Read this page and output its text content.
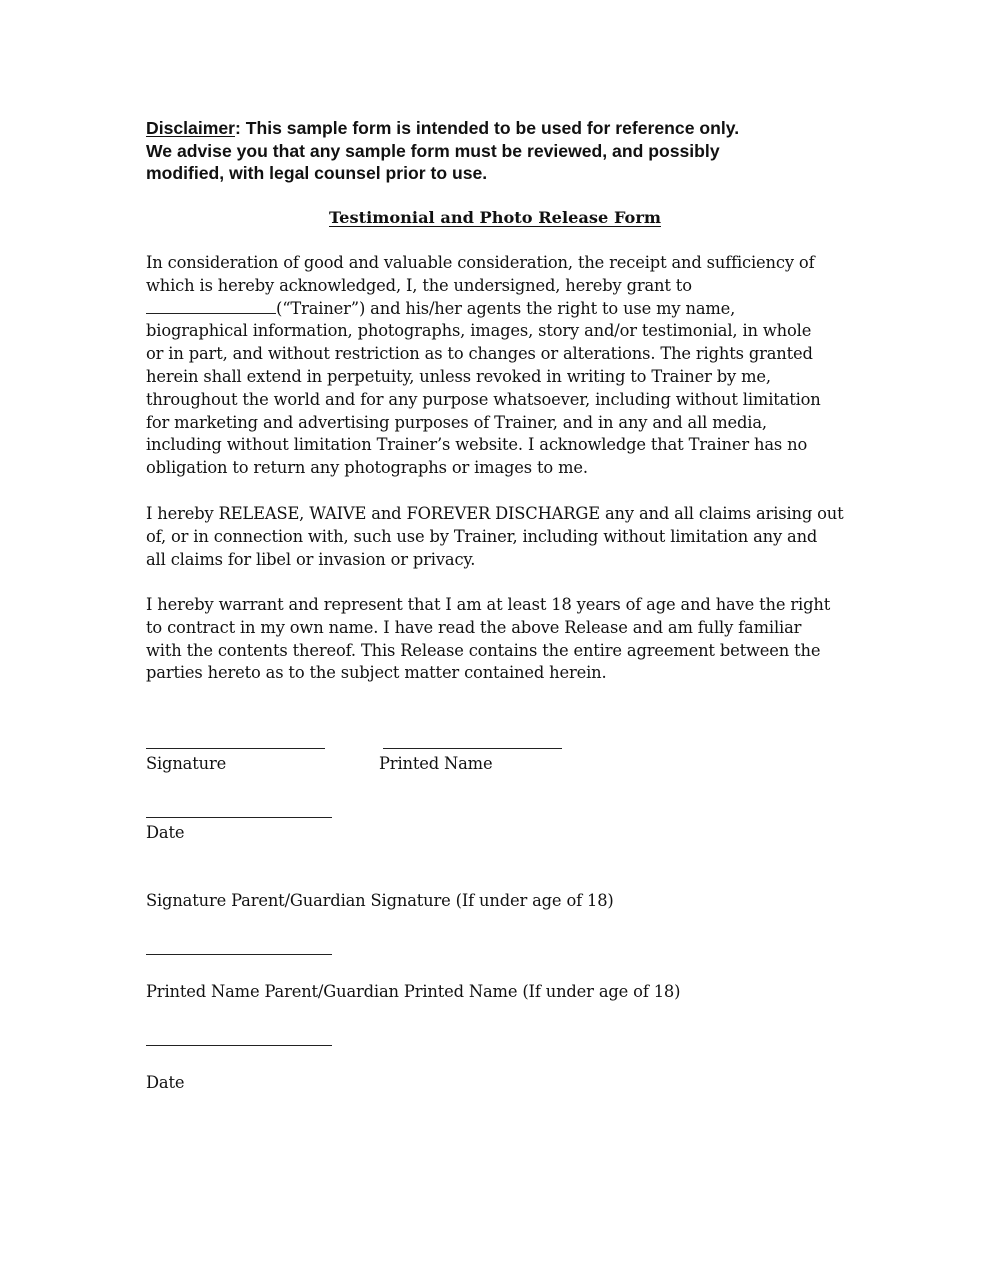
Disclaimer: This sample form is intended to be used for reference only.
We advise you that any sample form must be reviewed, and possibly
modified, with legal counsel prior to use.
Testimonial and Photo Release Form
In consideration of good and valuable consideration, the receipt and sufficiency of
which is hereby acknowledged, I, the undersigned, hereby grant to
(“Trainer”) and his/her agents the right to use my name,
biographical information, photographs, images, story and/or testimonial, in whole
or in part, and without restriction as to changes or alterations. The rights granted
herein shall extend in perpetuity, unless revoked in writing to Trainer by me,
throughout the world and for any purpose whatsoever, including without limitation
for marketing and advertising purposes of Trainer, and in any and all media,
including without limitation Trainer’s website. I acknowledge that Trainer has no
obligation to return any photographs or images to me.
I hereby RELEASE, WAIVE and FOREVER DISCHARGE any and all claims arising out
of, or in connection with, such use by Trainer, including without limitation any and
all claims for libel or invasion or privacy.
I hereby warrant and represent that I am at least 18 years of age and have the right
to contract in my own name. I have read the above Release and am fully familiar
with the contents thereof. This Release contains the entire agreement between the
parties hereto as to the subject matter contained herein.
Signature	Printed Name
Date
Signature Parent/Guardian Signature (If under age of 18)
Printed Name Parent/Guardian Printed Name (If under age of 18)
Date
